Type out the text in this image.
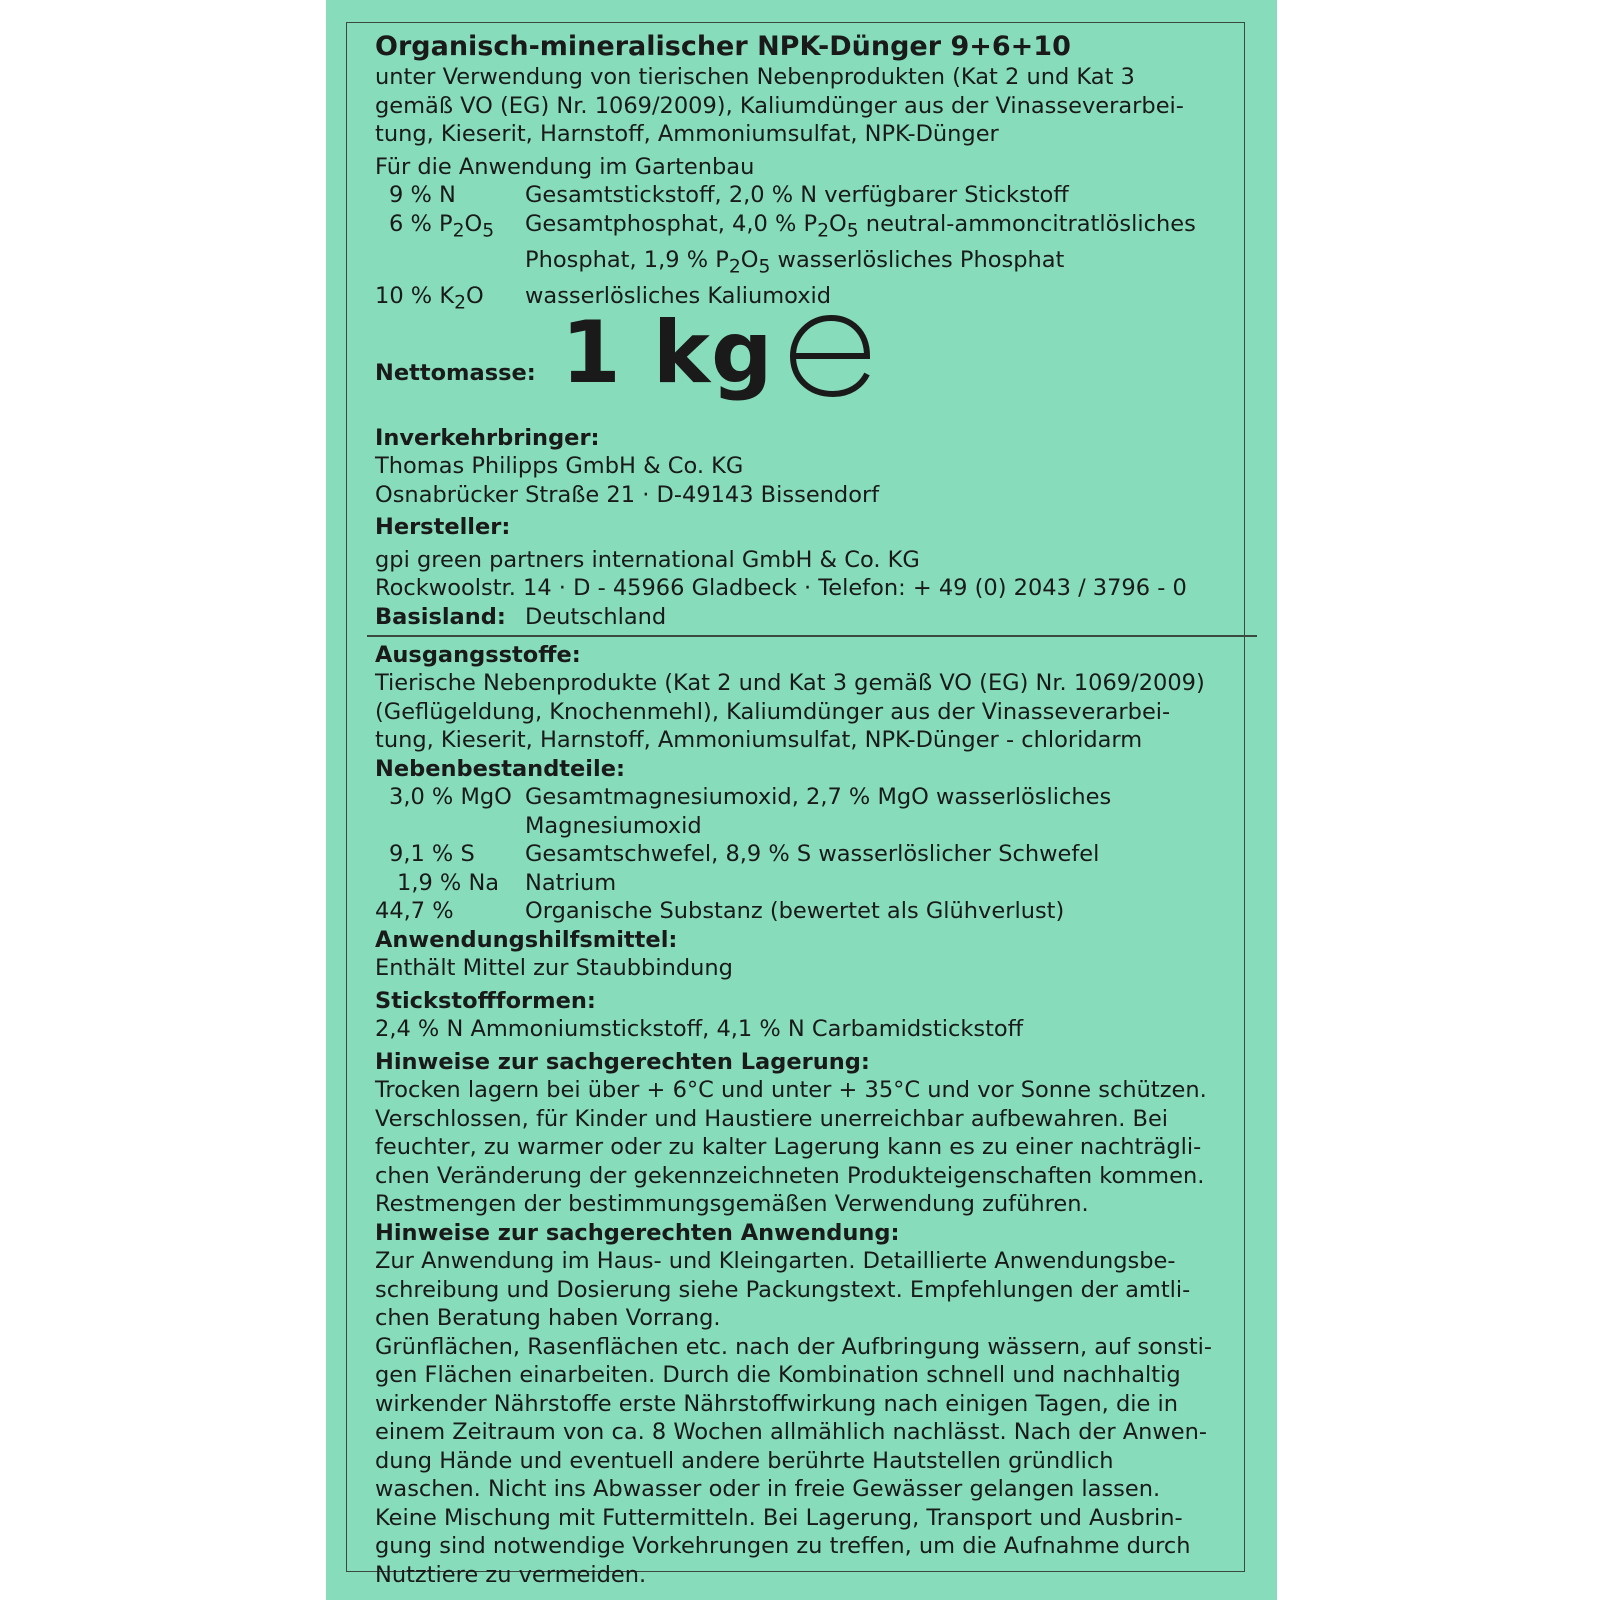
Organisch-mineralischer NPK-Dünger 9+6+10
unter Verwendung von tierischen Nebenprodukten (Kat 2 und Kat 3
gemäß VO (EG) Nr. 1069/2009), Kaliumdünger aus der Vinasseverarbei-
tung, Kieserit, Harnstoff, Ammoniumsulfat, NPK-Dünger
Für die Anwendung im Gartenbau
9 % N	Gesamtstickstoff, 2,0 % N verfügbarer Stickstoff
6 % $P_2O_5$	Gesamtphosphat, 4,0 % $P_2O_5$ neutral-ammoncitratlösliches
Phosphat, 1,9 % $P_2O_5$ wasserlösliches Phosphat
10 % $K_2O$	wasserlösliches Kaliumoxid
Nettomasse: 1 kg
Inverkehrbringer:
Thomas Philipps GmbH & Co. KG
Osnabrücker Straße 21 · D-49143 Bissendorf
Hersteller:
gpi green partners international GmbH & Co. KG
Rockwoolstr. 14 · D - 45966 Gladbeck · Telefon: + 49 (0) 2043 / 3796 - 0
Basisland: Deutschland
Ausgangsstoffe:
Tierische Nebenprodukte (Kat 2 und Kat 3 gemäß VO (EG) Nr. 1069/2009)
(Geflügeldung, Knochenmehl), Kaliumdünger aus der Vinasseverarbei-
tung, Kieserit, Harnstoff, Ammoniumsulfat, NPK-Dünger - chloridarm
Nebenbestandteile:
3,0 % MgO Gesamtmagnesiumoxid, 2,7 % MgO wasserlösliches
Magnesiumoxid
9,1 % S	Gesamtschwefel, 8,9 % S wasserlöslicher Schwefel
1,9 % Na	Natrium
44,7 %	Organische Substanz (bewertet als Glühverlust)
Anwendungshilfsmittel:
Enthält Mittel zur Staubbindung
Stickstoffformen:
2,4 % N Ammoniumstickstoff, 4,1 % N Carbamidstickstoff
Hinweise zur sachgerechten Lagerung:
Trocken lagern bei über + 6°C und unter + 35°C und vor Sonne schützen.
Verschlossen, für Kinder und Haustiere unerreichbar aufbewahren. Bei
feuchter, zu warmer oder zu kalter Lagerung kann es zu einer nachträgli-
chen Veränderung der gekennzeichneten Produkteigenschaften kommen.
Restmengen der bestimmungsgemäßen Verwendung zuführen.
Hinweise zur sachgerechten Anwendung:
Zur Anwendung im Haus- und Kleingarten. Detaillierte Anwendungsbe-
schreibung und Dosierung siehe Packungstext. Empfehlungen der amtli-
chen Beratung haben Vorrang.
Grünflächen, Rasenflächen etc. nach der Aufbringung wässern, auf sonsti-
gen Flächen einarbeiten. Durch die Kombination schnell und nachhaltig
wirkender Nährstoffe erste Nährstoffwirkung nach einigen Tagen, die in
einem Zeitraum von ca. 8 Wochen allmählich nachlässt. Nach der Anwen-
dung Hände und eventuell andere berührte Hautstellen gründlich
waschen. Nicht ins Abwasser oder in freie Gewässer gelangen lassen.
Keine Mischung mit Futtermitteln. Bei Lagerung, Transport und Ausbrin-
gung sind notwendige Vorkehrungen zu treffen, um die Aufnahme durch
Nutztiere zu vermeiden.
